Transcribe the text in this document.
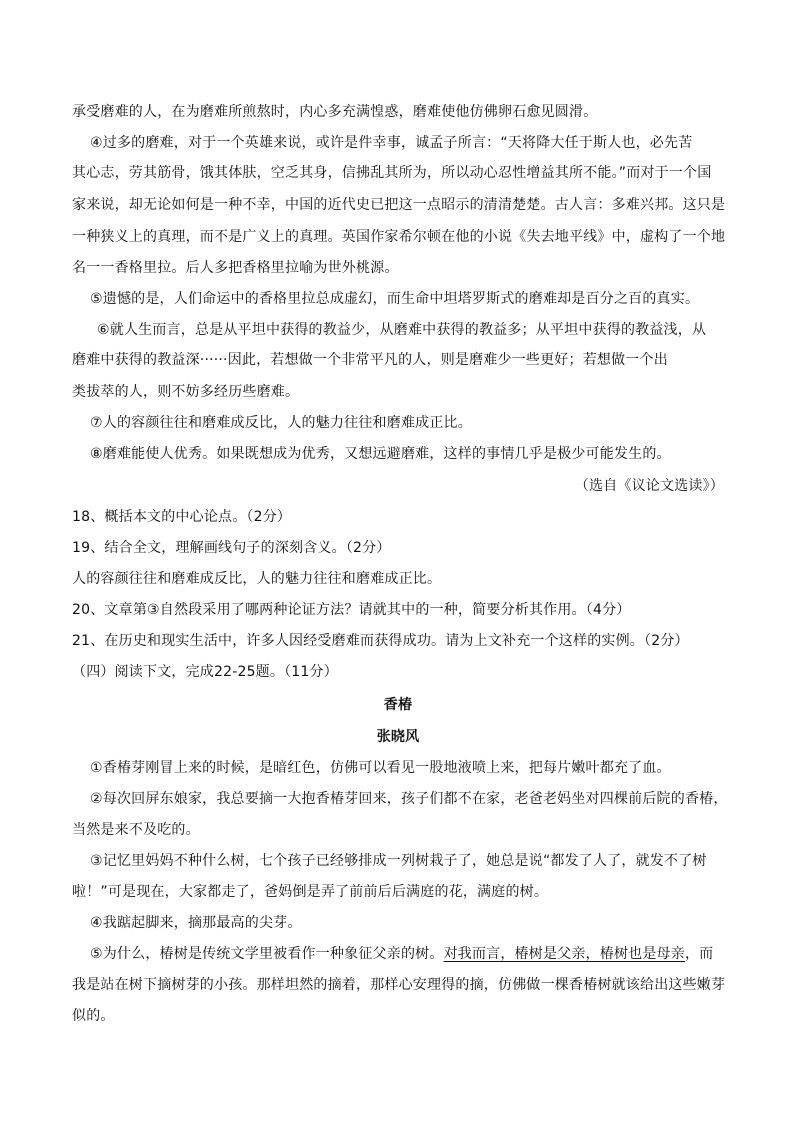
承受磨难的人，在为磨难所煎熬时，内心多充满惶惑，磨难使他仿佛卵石愈见圆滑。
④过多的磨难，对于一个英雄来说，或许是件幸事，诚孟子所言：“天将降大任于斯人也，必先苦
其心志，劳其筋骨，饿其体肤，空乏其身，信拂乱其所为，所以动心忍性增益其所不能。”而对于一个国
家来说，却无论如何是一种不幸，中国的近代史已把这一点昭示的清清楚楚。古人言：多难兴邦。这只是
一种狭义上的真理，而不是广义上的真理。英国作家希尔顿在他的小说《失去地平线》中，虚构了一个地
名一一香格里拉。后人多把香格里拉喻为世外桃源。
⑤遗憾的是，人们命运中的香格里拉总成虚幻，而生命中坦塔罗斯式的磨难却是百分之百的真实。
⑥就人生而言，总是从平坦中获得的教益少，从磨难中获得的教益多；从平坦中获得的教益浅，从
磨难中获得的教益深······因此，若想做一个非常平凡的人，则是磨难少一些更好；若想做一个出
类拔萃的人，则不妨多经历些磨难。
⑦人的容颜往往和磨难成反比，人的魅力往往和磨难成正比。
⑧磨难能使人优秀。如果既想成为优秀，又想远避磨难，这样的事情几乎是极少可能发生的。
（选自《议论文选读》）
18、概括本文的中心论点。（2分）
19、结合全文，理解画线句子的深刻含义。（2分）
人的容颜往往和磨难成反比，人的魅力往往和磨难成正比。
20、文章第③自然段采用了哪两种论证方法？请就其中的一种，简要分析其作用。（4分）
21、在历史和现实生活中，许多人因经受磨难而获得成功。请为上文补充一个这样的实例。（2分）
（四）阅读下文，完成22-25题。（11分）
香椿
张晓风
①香椿芽刚冒上来的时候，是暗红色，仿佛可以看见一股地液喷上来，把每片嫩叶都充了血。
②每次回屏东娘家，我总要摘一大抱香椿芽回来，孩子们都不在家，老爸老妈坐对四棵前后院的香椿，
当然是来不及吃的。
③记忆里妈妈不种什么树，七个孩子已经够排成一列树栽子了，她总是说“都发了人了，就发不了树
啦！”可是现在，大家都走了，爸妈倒是弄了前前后后满庭的花，满庭的树。
④我踮起脚来，摘那最高的尖芽。
⑤为什么，椿树是传统文学里被看作一种象征父亲的树。对我而言，椿树是父亲，椿树也是母亲，而
我是站在树下摘树芽的小孩。那样坦然的摘着，那样心安理得的摘，仿佛做一棵香椿树就该给出这些嫩芽
似的。
